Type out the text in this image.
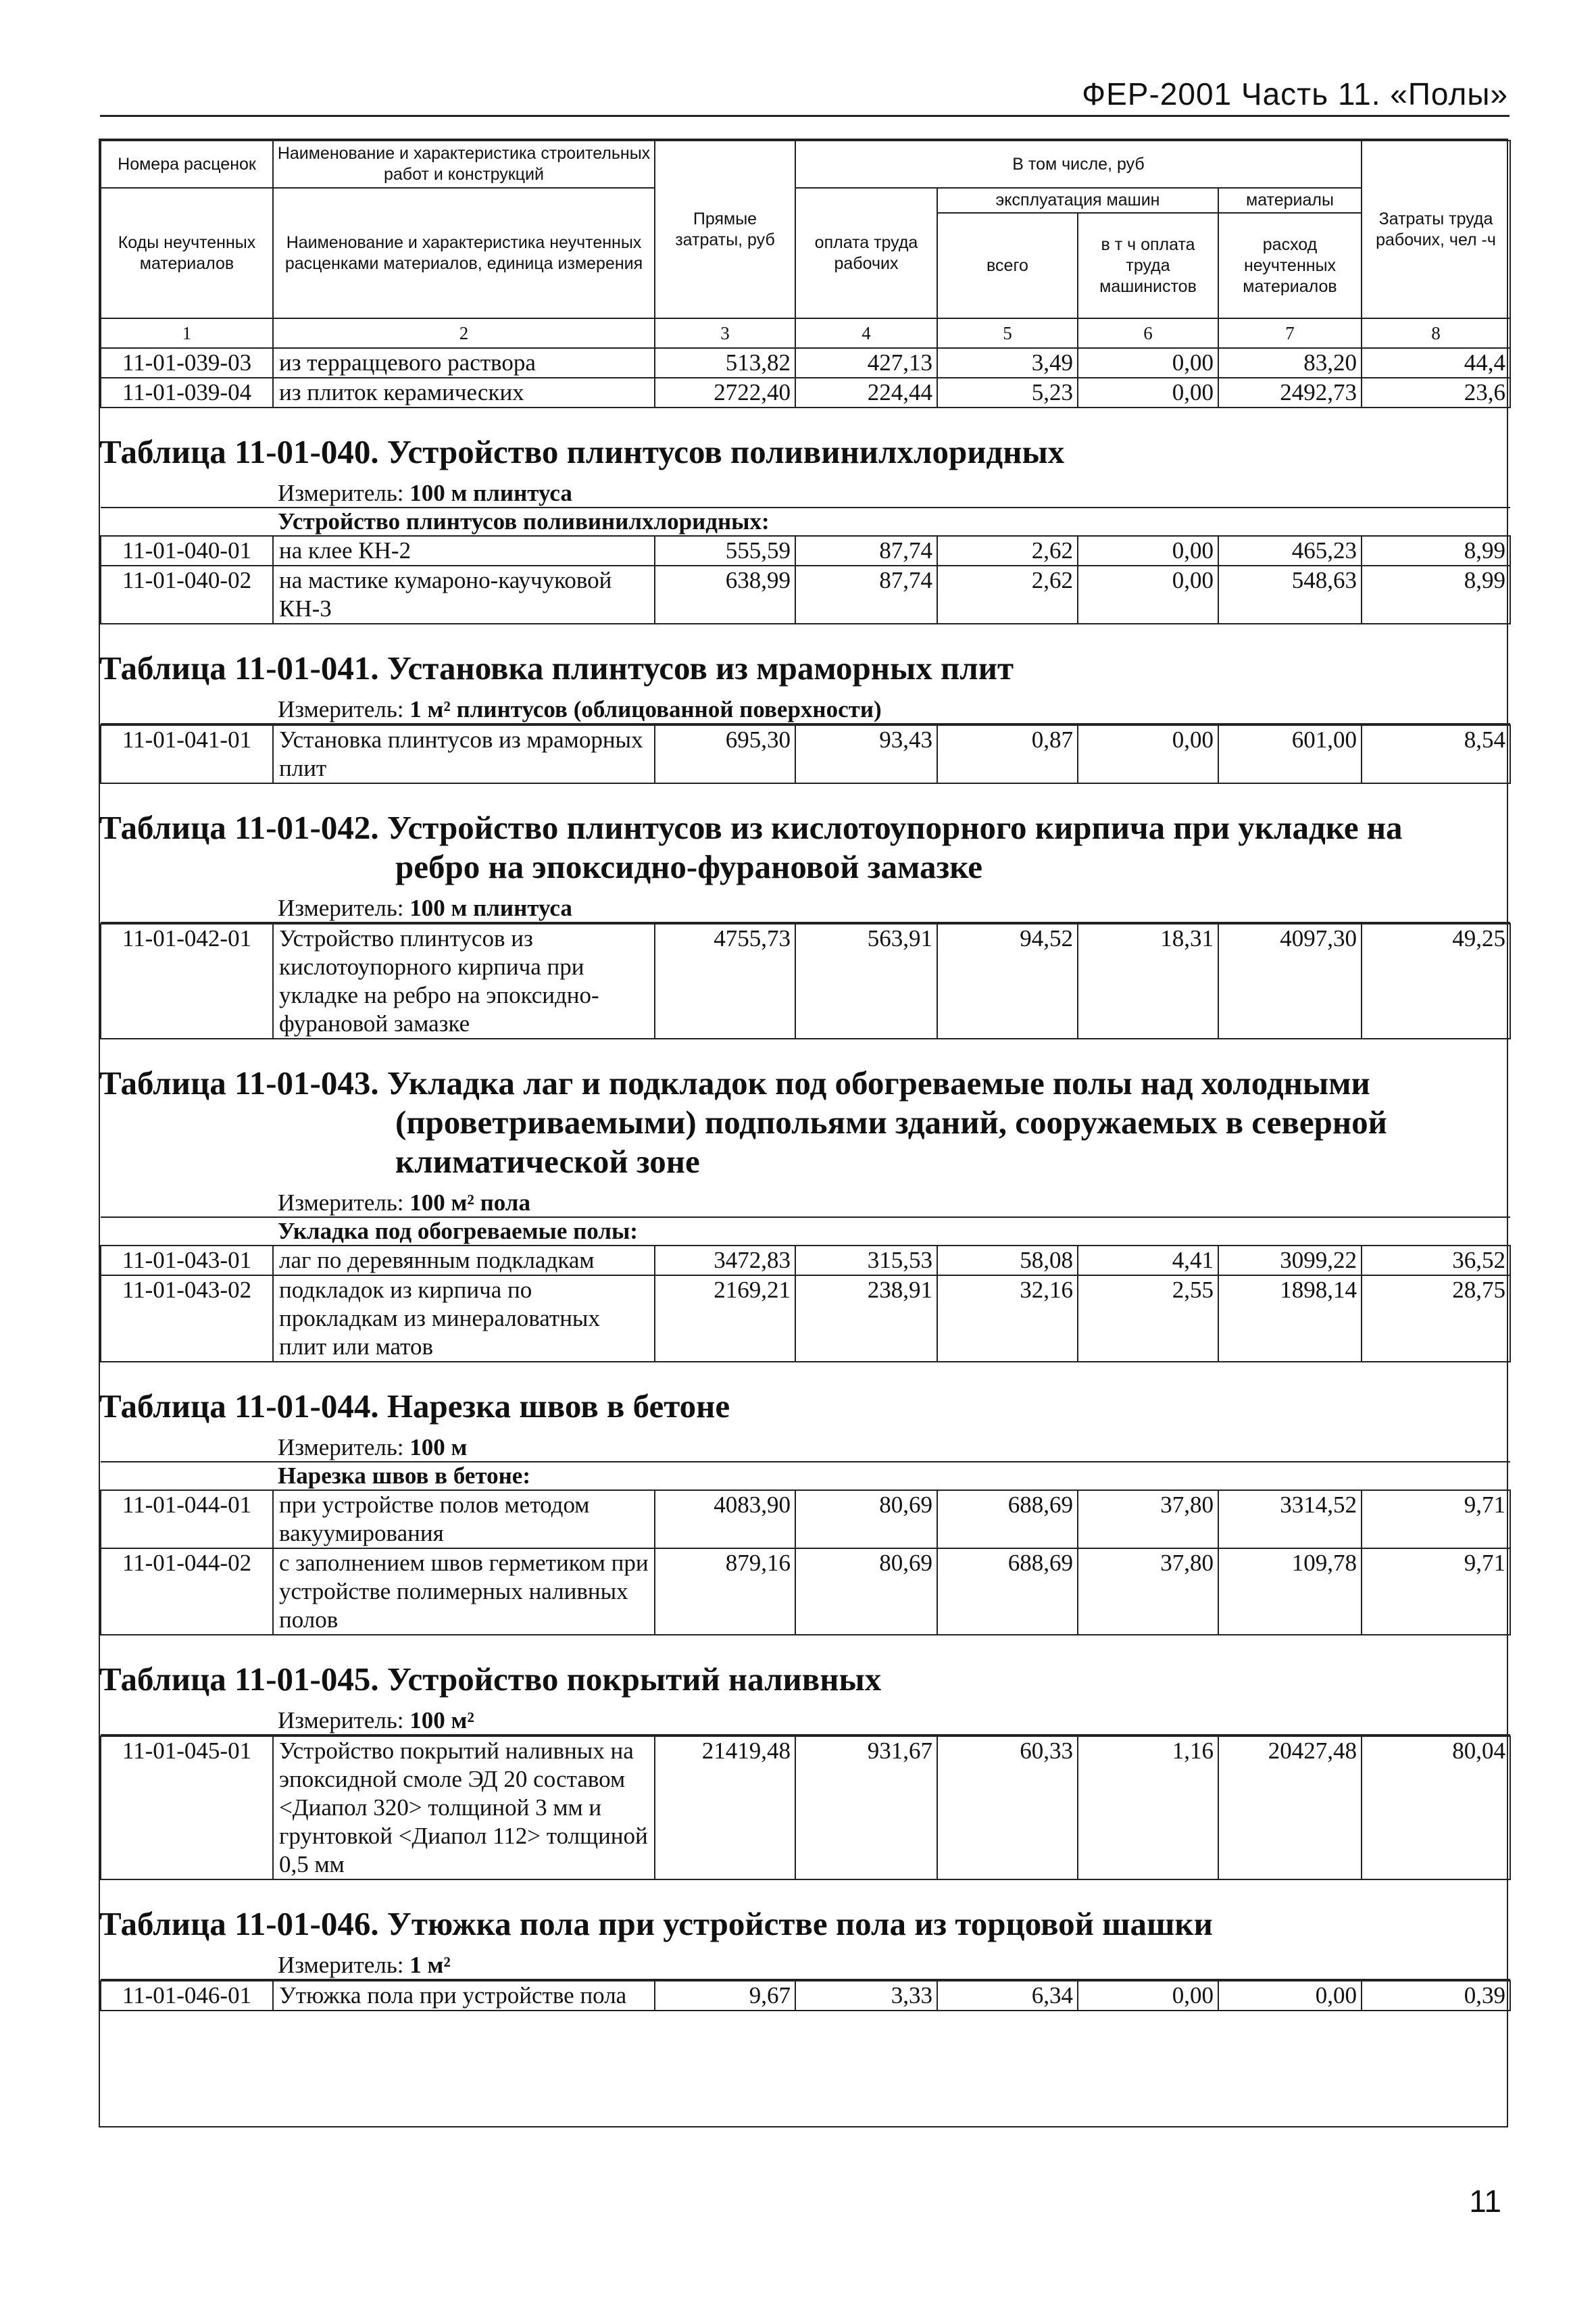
ФЕР-2001 Часть 11. «Полы»
Номера расценок	Наименование и характеристика строительных работ и конструкций	Прямые затраты, руб	В том числе, руб				Затраты труда рабочих, чел -ч
Коды неучтенных материалов	Наименование и характеристика неучтенных расценками материалов, единица измерения		оплата труда рабочих	эксплуатация машин		материалы	
				всего	в т ч оплата труда машинистов	расход неучтенных материалов	
1	2	3	4	5	6	7	8
11-01-039-03	из терраццевого раствора	513,82	427,13	3,49	0,00	83,20	44,4
11-01-039-04	из плиток керамических	2722,40	224,44	5,23	0,00	2492,73	23,6

Таблица 11-01-040. Устройство плинтусов поливинилхлоридных
Измеритель: 100 м плинтуса
Устройство плинтусов поливинилхлоридных:							

11-01-040-01	на клее КН-2	555,59	87,74	2,62	0,00	465,23	8,99
11-01-040-02	на мастике кумароно-каучуковой КН-3	638,99	87,74	2,62	0,00	548,63	8,99

Таблица 11-01-041. Установка плинтусов из мраморных плит
Измеритель: 1 м² плинтусов (облицованной поверхности)							

11-01-041-01	Установка плинтусов из мраморных плит	695,30	93,43	0,87	0,00	601,00	8,54

Таблица 11-01-042. Устройство плинтусов из кислотоупорного кирпича при укладке на
ребро на эпоксидно-фурановой замазке
Измеритель: 100 м плинтуса							

11-01-042-01	Устройство плинтусов из кислотоупорного кирпича при укладке на ребро на эпоксидно-фурановой замазке	4755,73	563,91	94,52	18,31	4097,30	49,25

Таблица 11-01-043. Укладка лаг и подкладок под обогреваемые полы над холодными
(проветриваемыми) подпольями зданий, сооружаемых в северной
климатической зоне
Измеритель: 100 м² пола
Укладка под обогреваемые полы:							

11-01-043-01	лаг по деревянным подкладкам	3472,83	315,53	58,08	4,41	3099,22	36,52
11-01-043-02	подкладок из кирпича по прокладкам из минераловатных плит или матов	2169,21	238,91	32,16	2,55	1898,14	28,75

Таблица 11-01-044. Нарезка швов в бетоне
Измеритель: 100 м
Нарезка швов в бетоне:							

11-01-044-01	при устройстве полов методом вакуумирования	4083,90	80,69	688,69	37,80	3314,52	9,71
11-01-044-02	с заполнением швов герметиком при устройстве полимерных наливных полов	879,16	80,69	688,69	37,80	109,78	9,71

Таблица 11-01-045. Устройство покрытий наливных
Измеритель: 100 м²							

11-01-045-01	Устройство покрытий наливных на эпоксидной смоле ЭД 20 составом <Диапол 320> толщиной 3 мм и грунтовкой <Диапол 112> толщиной 0,5 мм	21419,48	931,67	60,33	1,16	20427,48	80,04

Таблица 11-01-046. Утюжка пола при устройстве пола из торцовой шашки
Измеритель: 1 м²							

11-01-046-01	Утюжка пола при устройстве пола	9,67	3,33	6,34	0,00	0,00	0,39
11
